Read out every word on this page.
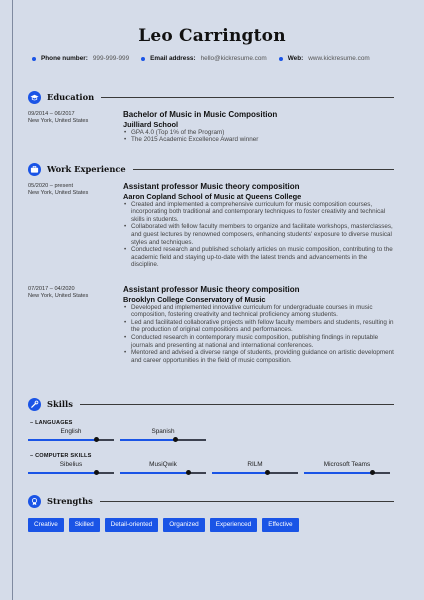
Leo Carrington
Phone number: 999-999-999	Email address: hello@kickresume.com	Web: www.kickresume.com
Education
09/2014 – 06/2017
New York, United States
Bachelor of Music in Music Composition
Juilliard School
• GPA 4.0 (Top 1% of the Program)
• The 2015 Academic Excellence Award winner
Work Experience
05/2020 – present
New York, United States
Assistant professor Music theory composition
Aaron Copland School of Music at Queens College
• Created and implemented a comprehensive curriculum for music composition courses, incorporating both traditional and contemporary techniques to foster creativity and technical skills in students.
• Collaborated with fellow faculty members to organize and facilitate workshops, masterclasses, and guest lectures by renowned composers, enhancing students' exposure to diverse musical styles and techniques.
• Conducted research and published scholarly articles on music composition, contributing to the academic field and staying up-to-date with the latest trends and advancements in the discipline.
07/2017 – 04/2020
New York, United States
Assistant professor Music theory composition
Brooklyn College Conservatory of Music
• Developed and implemented innovative curriculum for undergraduate courses in music composition, fostering creativity and technical proficiency among students.
• Led and facilitated collaborative projects with fellow faculty members and students, resulting in the production of original compositions and performances.
• Conducted research in contemporary music composition, publishing findings in reputable journals and presenting at national and international conferences.
• Mentored and advised a diverse range of students, providing guidance on artistic development and career opportunities in the field of music composition.
Skills
– LANGUAGES
English	Spanish
– COMPUTER SKILLS
Sibelius	MusiQwik	RILM	Microsoft Teams
Strengths
Creative	Skilled	Detail-oriented	Organized	Experienced	Effective
